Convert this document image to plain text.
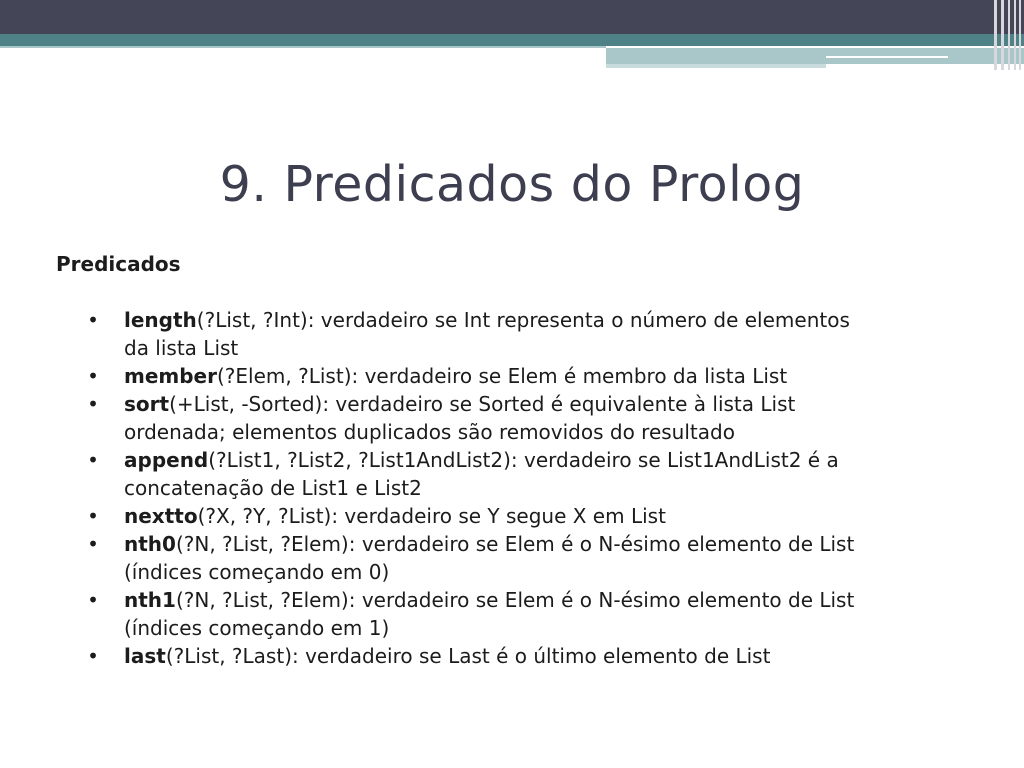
9. Predicados do Prolog
Predicados
• length(?List, ?Int): verdadeiro se Int representa o número de elementos
da lista List
• member(?Elem, ?List): verdadeiro se Elem é membro da lista List
• sort(+List, -Sorted): verdadeiro se Sorted é equivalente à lista List
ordenada; elementos duplicados são removidos do resultado
• append(?List1, ?List2, ?List1AndList2): verdadeiro se List1AndList2 é a
concatenação de List1 e List2
• nextto(?X, ?Y, ?List): verdadeiro se Y segue X em List
• nth0(?N, ?List, ?Elem): verdadeiro se Elem é o N-ésimo elemento de List
(índices começando em 0)
• nth1(?N, ?List, ?Elem): verdadeiro se Elem é o N-ésimo elemento de List
(índices começando em 1)
• last(?List, ?Last): verdadeiro se Last é o último elemento de List
